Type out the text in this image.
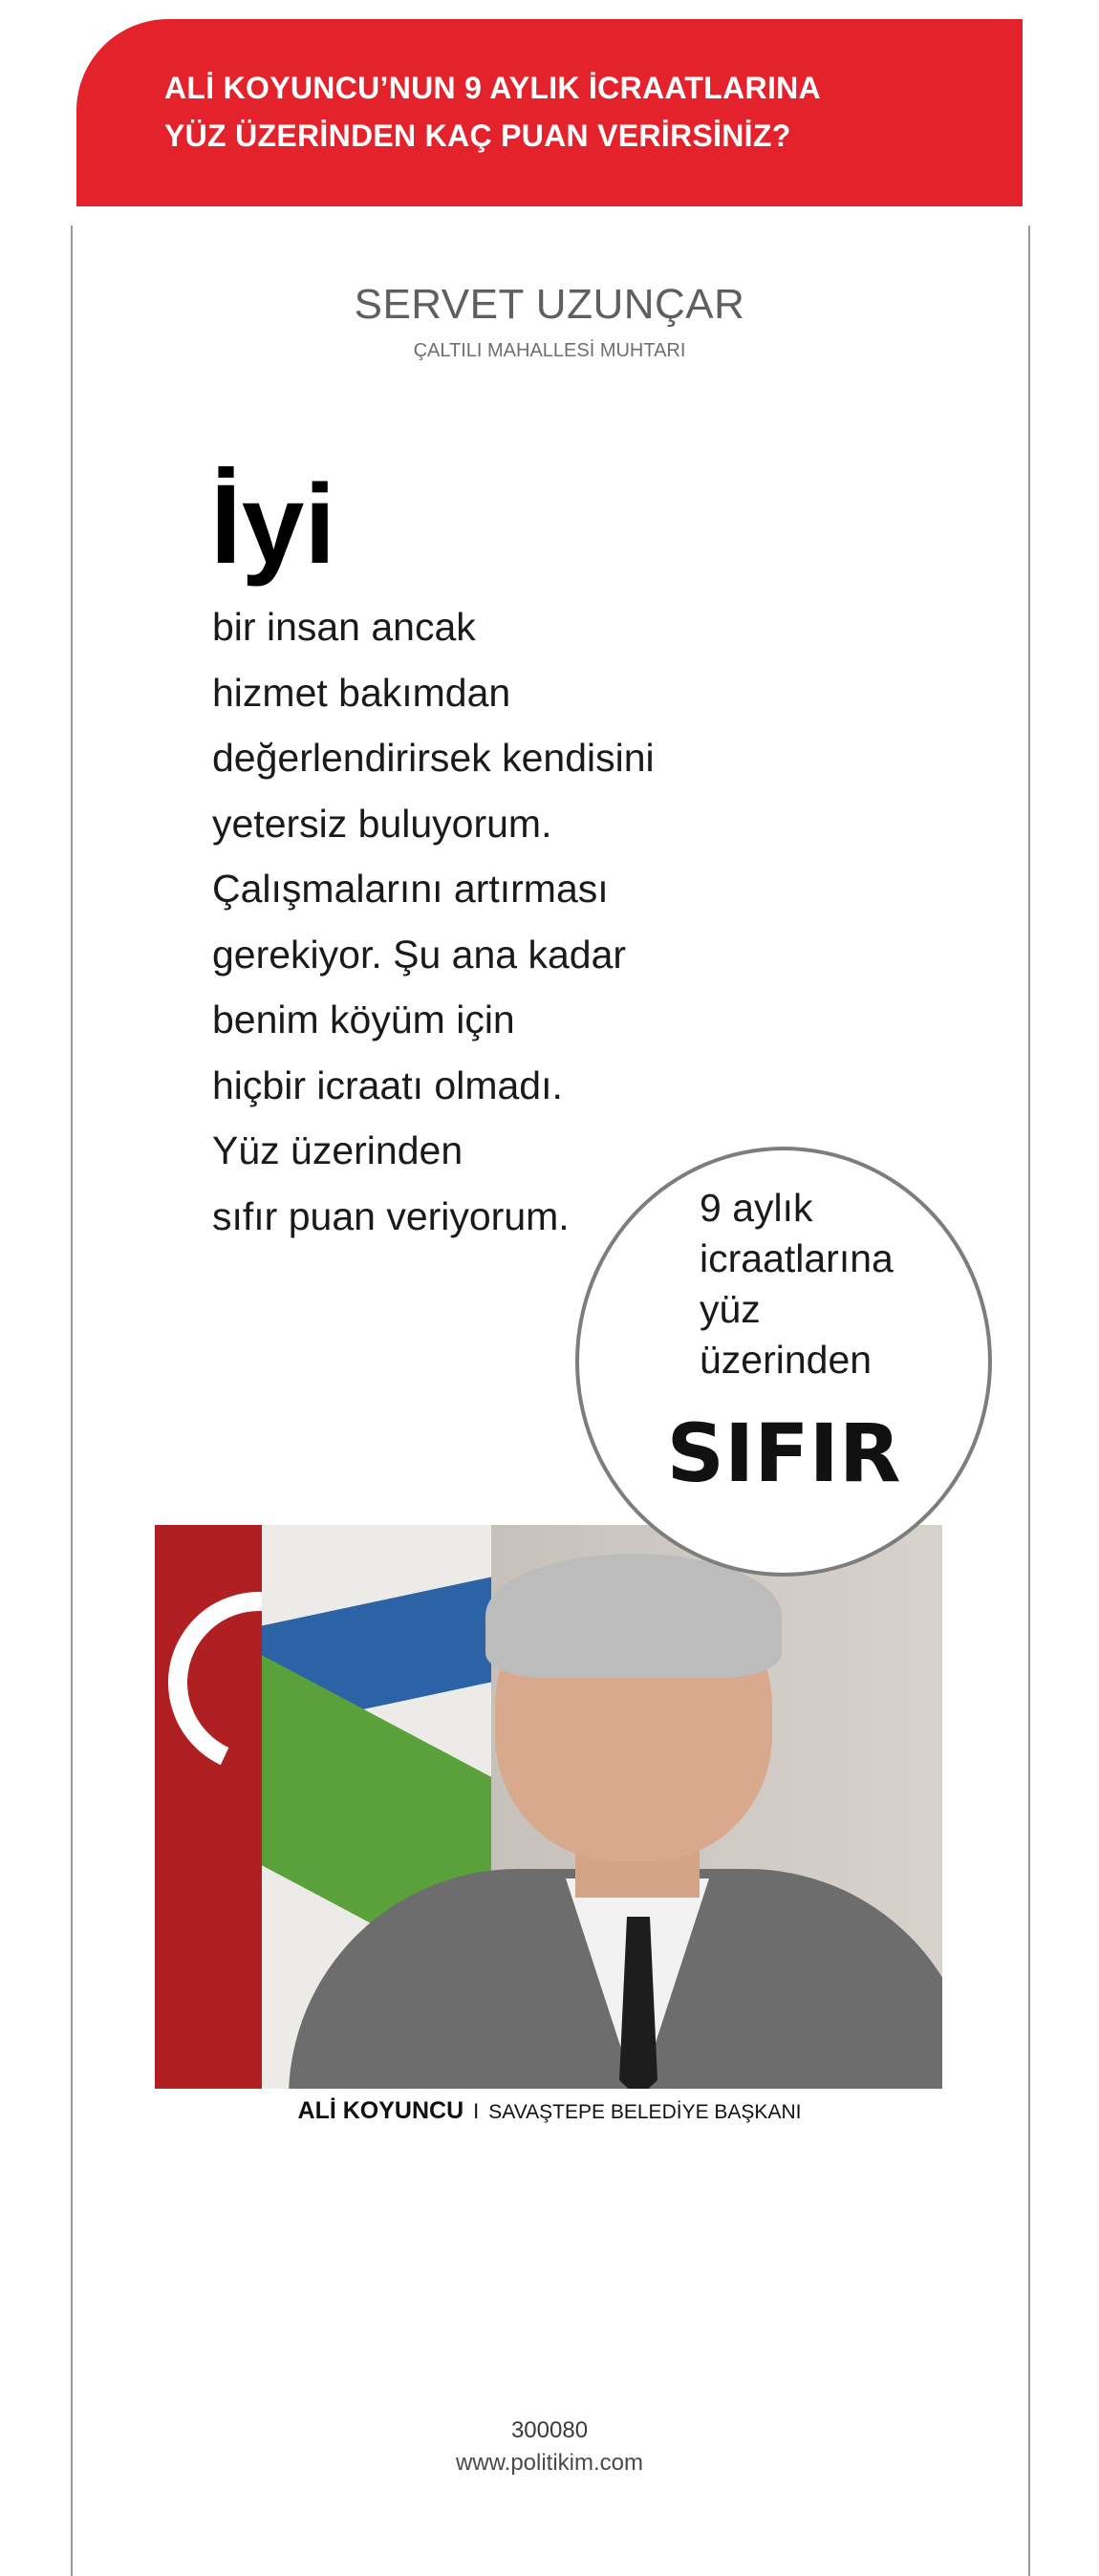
ALİ KOYUNCU’NUN 9 AYLIK İCRAATLARINA

YÜZ ÜZERİNDEN KAÇ PUAN VERİRSİNİZ?

SERVET UZUNÇAR
ÇALTILI MAHALLESİ MUHTARI
İyi
bir insan ancak
hizmet bakımdan
değerlendirirsek kendisini
yetersiz buluyorum.
Çalışmalarını artırması
gerekiyor. Şu ana kadar
benim köyüm için
hiçbir icraatı olmadı.
Yüz üzerinden
sıfır puan veriyorum.	9 aylık
icraatlarına
yüz
üzerinden
SIFIR
ALİ KOYUNCU I SAVAŞTEPE BELEDİYE BAŞKANI
300080
www.politikim.com
